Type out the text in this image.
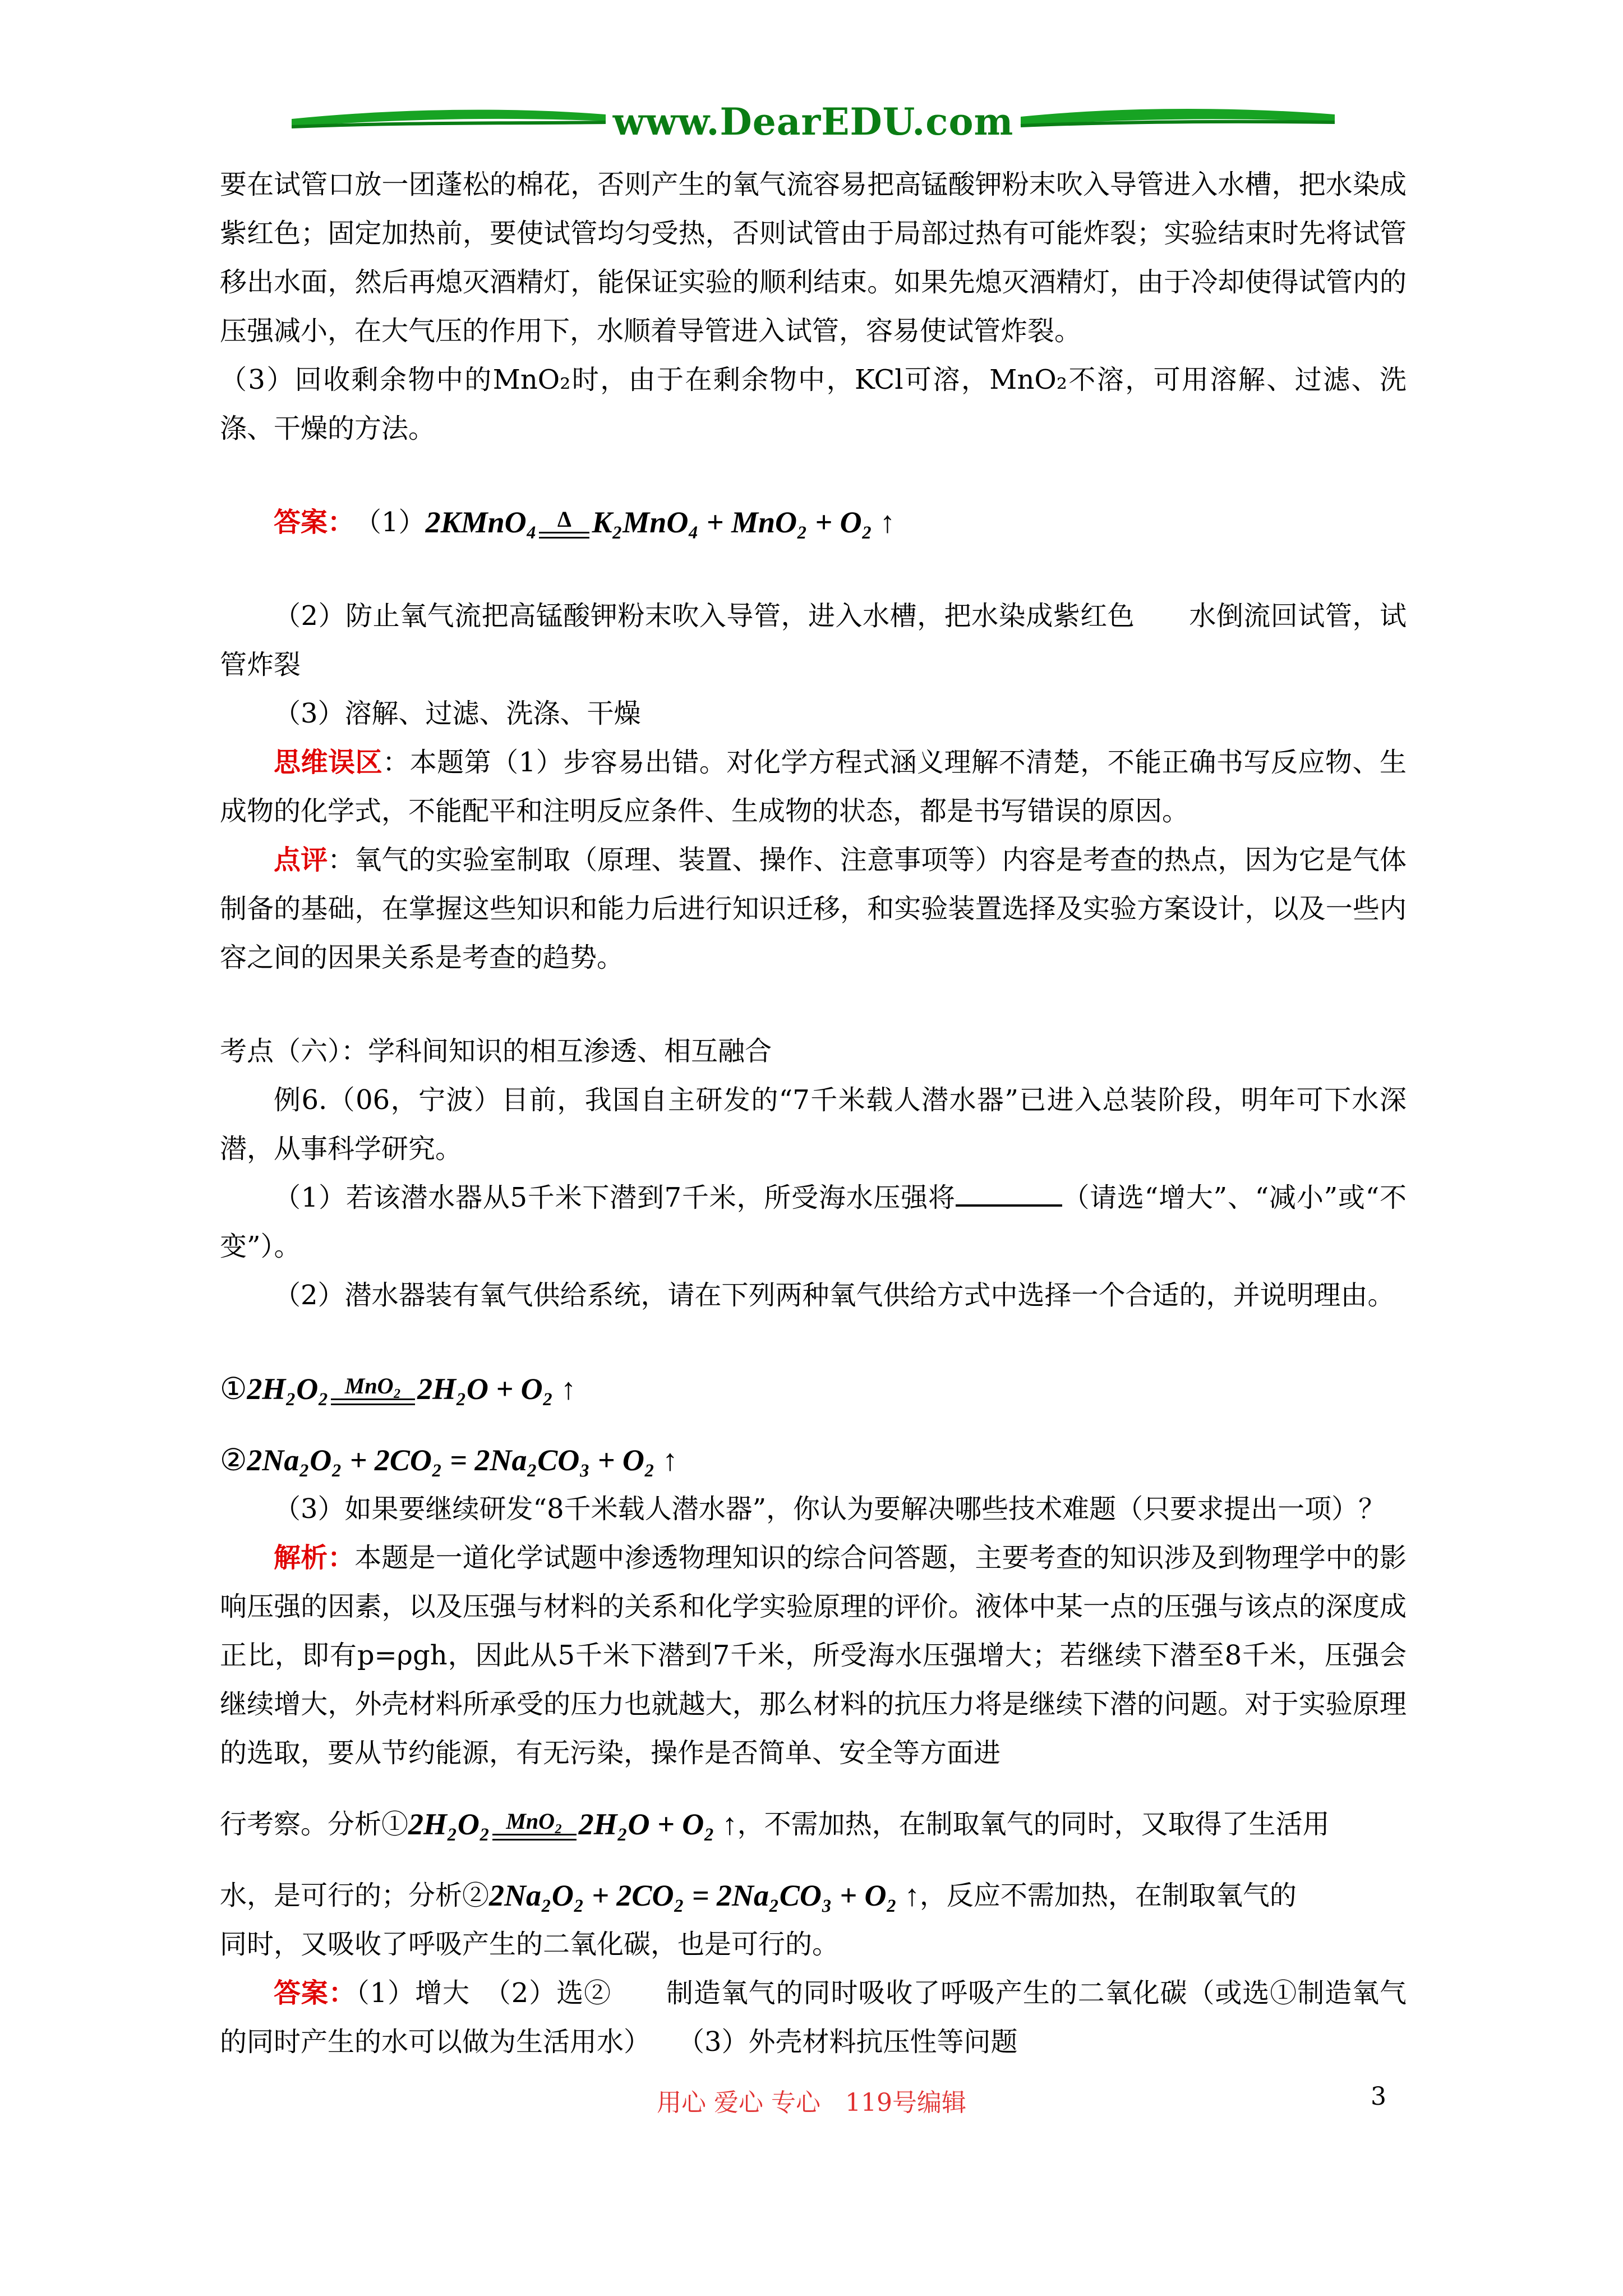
www.DearEDU.com

要在试管口放一团蓬松的棉花，否则产生的氧气流容易把高锰酸钾粉末吹入导管进入水槽，把水染成紫红色；固定加热前，要使试管均匀受热，否则试管由于局部过热有可能炸裂；实验结束时先将试管移出水面，然后再熄灭酒精灯，能保证实验的顺利结束。如果先熄灭酒精灯，由于冷却使得试管内的压强减小，在大气压的作用下，水顺着导管进入试管，容易使试管炸裂。

（3）回收剩余物中的MnO₂时，由于在剩余物中，KCl可溶，MnO₂不溶，可用溶解、过滤、洗涤、干燥的方法。

答案： （1） 2KMnO₄ Δ K₂MnO₄ + MnO₂ + O₂ ↑

（2）防止氧气流把高锰酸钾粉末吹入导管，进入水槽，把水染成紫红色　　水倒流回试管，试管炸裂

（3）溶解、过滤、洗涤、干燥

思维误区：本题第（1）步容易出错。对化学方程式涵义理解不清楚，不能正确书写反应物、生成物的化学式，不能配平和注明反应条件、生成物的状态，都是书写错误的原因。

点评：氧气的实验室制取（原理、装置、操作、注意事项等）内容是考查的热点，因为它是气体制备的基础，在掌握这些知识和能力后进行知识迁移，和实验装置选择及实验方案设计，以及一些内容之间的因果关系是考查的趋势。

考点（六）：学科间知识的相互渗透、相互融合

例6.（06，宁波）目前，我国自主研发的“7千米载人潜水器”已进入总装阶段，明年可下水深潜，从事科学研究。

（1）若该潜水器从5千米下潜到7千米，所受海水压强将	（请选“增大”、“减小”或“不变”）。

（2）潜水器装有氧气供给系统，请在下列两种氧气供给方式中选择一个合适的，并说明理由。

① 2H₂O₂ MnO₂ 2H₂O + O₂ ↑
② 2Na₂O₂ + 2CO₂ = 2Na₂CO₃ + O₂ ↑

（3）如果要继续研发“8千米载人潜水器”，你认为要解决哪些技术难题（只要求提出一项）？

解析：本题是一道化学试题中渗透物理知识的综合问答题，主要考查的知识涉及到物理学中的影响压强的因素，以及压强与材料的关系和化学实验原理的评价。液体中某一点的压强与该点的深度成正比，即有p=ρgh，因此从5千米下潜到7千米，所受海水压强增大；若继续下潜至8千米，压强会继续增大，外壳材料所承受的压力也就越大，那么材料的抗压力将是继续下潜的问题。对于实验原理的选取，要从节约能源，有无污染，操作是否简单、安全等方面进

行考察。分析① 2H₂O₂ MnO₂ 2H₂O + O₂ ↑ ，不需加热，在制取氧气的同时，又取得了生活用
水，是可行的；分析② 2Na₂O₂ + 2CO₂ = 2Na₂CO₃ + O₂ ↑ ，反应不需加热，在制取氧气的

同时，又吸收了呼吸产生的二氧化碳，也是可行的。

答案：（1）增大　（2）选②　　制造氧气的同时吸收了呼吸产生的二氧化碳（或选①制造氧气的同时产生的水可以做为生活用水）　　（3）外壳材料抗压性等问题

用心 爱心 专心　119号编辑	3
